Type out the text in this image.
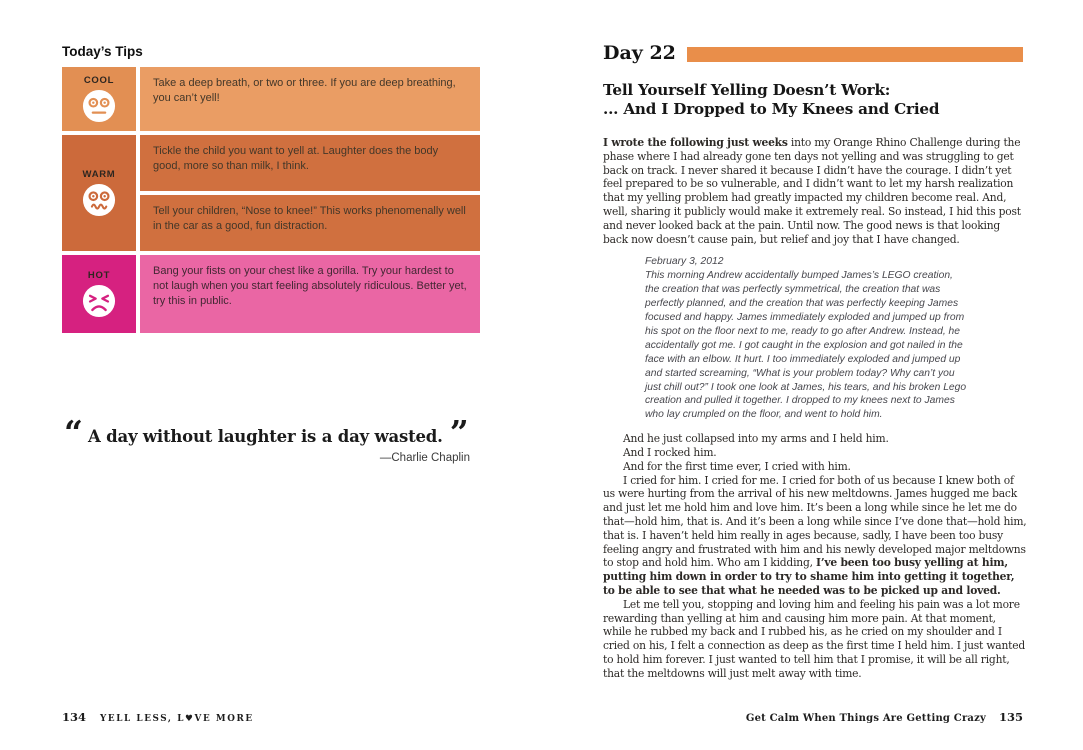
Today’s Tips
COOL	Take a deep breath, or two or three. If you are deep breathing, you can’t yell!
WARM
Tickle the child you want to yell at. Laughter does the body good, more so than milk, I think.
Tell your children, “Nose to knee!” This works phenomenally well in the car as a good, fun distraction.
HOT	Bang your fists on your chest like a gorilla. Try your hardest to not laugh when you start feeling absolutely ridiculous. Better yet, try this in public.
“ A day without laughter is a day wasted. ”
—Charlie Chaplin
134 YELL LESS, L♥VE MORE
Day 22
Tell Yourself Yelling Doesn’t Work:
... And I Dropped to My Knees and Cried

I wrote the following just weeks into my Orange Rhino Challenge during the phase where I had already gone ten days not yelling and was struggling to get back on track. I never shared it because I didn’t have the courage. I didn’t yet feel prepared to be so vulnerable, and I didn’t want to let my harsh realization that my yelling problem had greatly impacted my children become real. And, well, sharing it publicly would make it extremely real. So instead, I hid this post and never looked back at the pain. Until now. The good news is that looking back now doesn’t cause pain, but relief and joy that I have changed.

February 3, 2012

This morning Andrew accidentally bumped James’s LEGO creation, the creation that was perfectly symmetrical, the creation that was perfectly planned, and the creation that was perfectly keeping James focused and happy. James immediately exploded and jumped up from his spot on the floor next to me, ready to go after Andrew. Instead, he accidentally got me. I got caught in the explosion and got nailed in the face with an elbow. It hurt. I too immediately exploded and jumped up and started screaming, “What is your problem today? Why can’t you just chill out?” I took one look at James, his tears, and his broken Lego creation and pulled it together. I dropped to my knees next to James who lay crumpled on the floor, and went to hold him.

And he just collapsed into my arms and I held him.

And I rocked him.

And for the first time ever, I cried with him.

I cried for him. I cried for me. I cried for both of us because I knew both of us were hurting from the arrival of his new meltdowns. James hugged me back and just let me hold him and love him. It’s been a long while since he let me do that—hold him, that is. And it’s been a long while since I’ve done that—hold him, that is. I haven’t held him really in ages because, sadly, I have been too busy feeling angry and frustrated with him and his newly developed major meltdowns to stop and hold him. Who am I kidding, I’ve been too busy yelling at him, putting him down in order to try to shame him into getting it together, to be able to see that what he needed was to be picked up and loved.

Let me tell you, stopping and loving him and feeling his pain was a lot more rewarding than yelling at him and causing him more pain. At that moment, while he rubbed my back and I rubbed his, as he cried on my shoulder and I cried on his, I felt a connection as deep as the first time I held him. I just wanted to hold him forever. I just wanted to tell him that I promise, it will be all right, that the meltdowns will just melt away with time.

Get Calm When Things Are Getting Crazy 135
